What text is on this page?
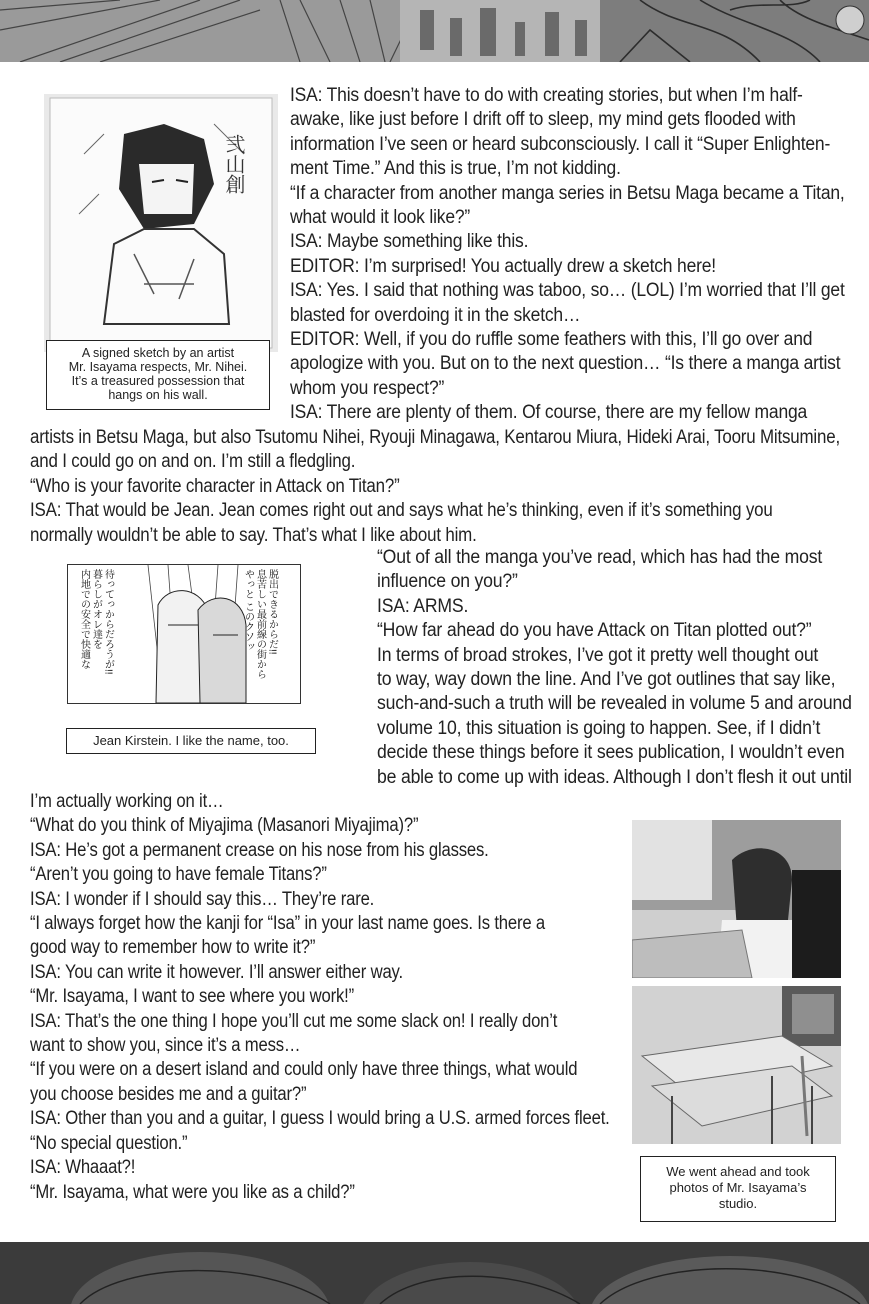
弐山創
A signed sketch by an artist
Mr. Isayama respects, Mr. Nihei.
It’s a treasured possession that
hangs on his wall.

ISA: This doesn’t have to do with creating stories, but when I’m half-

awake, like just before I drift off to sleep, my mind gets flooded with

information I’ve seen or heard subconsciously. I call it “Super Enlighten-

ment Time.” And this is true, I’m not kidding.

“If a character from another manga series in Betsu Maga became a Titan,

what would it look like?”

ISA: Maybe something like this.

EDITOR: I’m surprised! You actually drew a sketch here!

ISA: Yes. I said that nothing was taboo, so… (LOL) I’m worried that I’ll get

blasted for overdoing it in the sketch…

EDITOR: Well, if you do ruffle some feathers with this, I’ll go over and

apologize with you. But on to the next question… “Is there a manga artist

whom you respect?”

ISA: There are plenty of them. Of course, there are my fellow manga

artists in Betsu Maga, but also Tsutomu Nihei, Ryouji Minagawa, Kentarou Miura, Hideki Arai, Tooru Mitsumine,

and I could go on and on. I’m still a fledgling.

“Who is your favorite character in Attack on Titan?”

ISA: That would be Jean. Jean comes right out and says what he’s thinking, even if it’s something you

normally wouldn’t be able to say. That’s what I like about him.

やっと このクソッ 息苦しい最前線の街から 脱出できるからだ!!
内地での安全で快適な 暮らしがオレ達を 待ってっからだろうが!!
Jean Kirstein. I like the name, too.

“Out of all the manga you’ve read, which has had the most

influence on you?”

ISA: ARMS.

“How far ahead do you have Attack on Titan plotted out?”

In terms of broad strokes, I’ve got it pretty well thought out

to way, way down the line. And I’ve got outlines that say like,

such-and-such a truth will be revealed in volume 5 and around

volume 10, this situation is going to happen. See, if I didn’t

decide these things before it sees publication, I wouldn’t even

be able to come up with ideas. Although I don’t flesh it out until

I’m actually working on it…

“What do you think of Miyajima (Masanori Miyajima)?”

ISA: He’s got a permanent crease on his nose from his glasses.

“Aren’t you going to have female Titans?”

ISA: I wonder if I should say this… They’re rare.

“I always forget how the kanji for “Isa” in your last name goes. Is there a

good way to remember how to write it?”

ISA: You can write it however. I’ll answer either way.

“Mr. Isayama, I want to see where you work!”

ISA: That’s the one thing I hope you’ll cut me some slack on! I really don’t

want to show you, since it’s a mess…

“If you were on a desert island and could only have three things, what would

you choose besides me and a guitar?”

ISA: Other than you and a guitar, I guess I would bring a U.S. armed forces fleet.

“No special question.”

ISA: Whaaat?!

“Mr. Isayama, what were you like as a child?”

We went ahead and took
photos of Mr. Isayama’s
studio.
